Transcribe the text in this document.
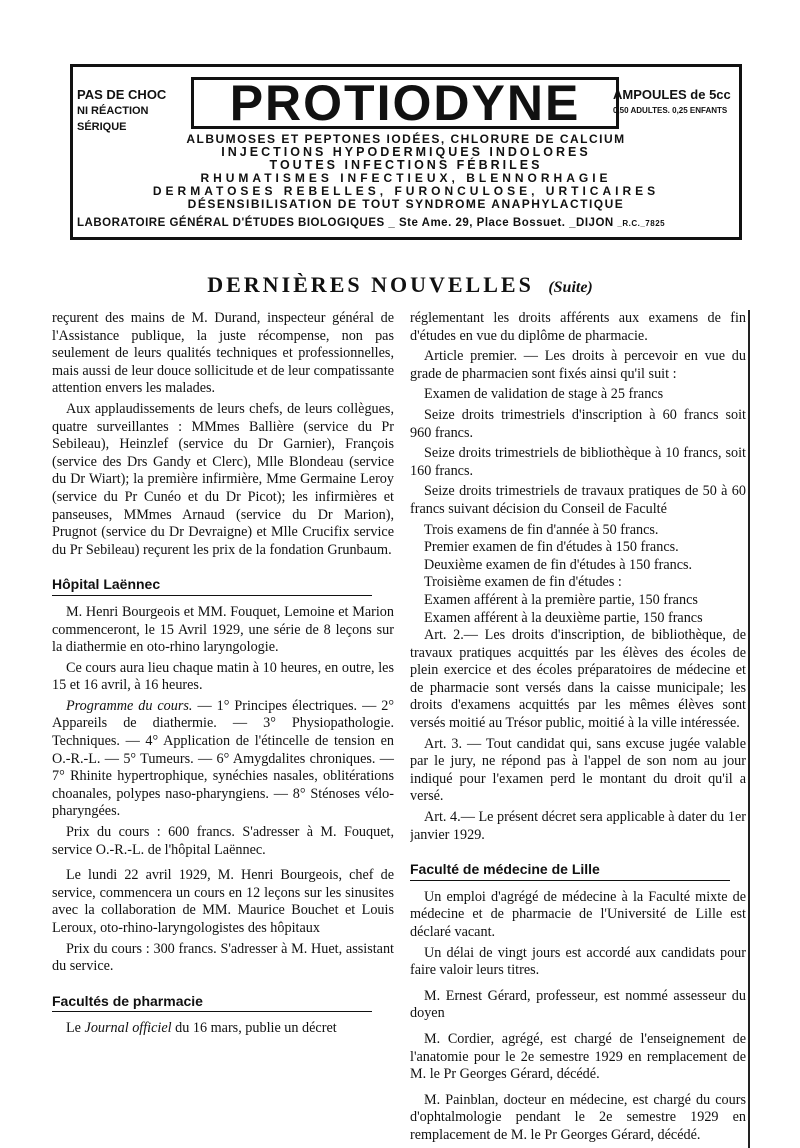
PAS DE CHOC
NI RÉACTION SÉRIQUE	PROTIODYNE	AMPOULES de 5cc
0,50 ADULTES. 0,25 ENFANTS
ALBUMOSES ET PEPTONES IODÉES, CHLORURE DE CALCIUM
INJECTIONS HYPODERMIQUES INDOLORES
TOUTES INFECTIONS FÉBRILES
RHUMATISMES INFECTIEUX, BLENNORHAGIE
DERMATOSES REBELLES, FURONCULOSE, URTICAIRES
DÉSENSIBILISATION DE TOUT SYNDROME ANAPHYLACTIQUE
LABORATOIRE GÉNÉRAL D'ÉTUDES BIOLOGIQUES _ Ste Ame. 29, Place Bossuet. _DIJON _R.C._7825
DERNIÈRES NOUVELLES (Suite)

reçurent des mains de M. Durand, inspecteur général de l'Assistance publique, la juste récompense, non pas seulement de leurs qualités techniques et professionnelles, mais aussi de leur douce sollicitude et de leur compatissante attention envers les malades.

Aux applaudissements de leurs chefs, de leurs collègues, quatre surveillantes : MMmes Ballière (service du Pr Sebileau), Heinzlef (service du Dr Garnier), François (service des Drs Gandy et Clerc), Mlle Blondeau (service du Dr Wiart); la première infirmière, Mme Germaine Leroy (service du Pr Cunéo et du Dr Picot); les infirmières et panseuses, MMmes Arnaud (service du Dr Marion), Prugnot (service du Dr Devraigne) et Mlle Crucifix service du Pr Sebileau) reçurent les prix de la fondation Grunbaum.

Hôpital Laënnec

M. Henri Bourgeois et MM. Fouquet, Lemoine et Marion commenceront, le 15 Avril 1929, une série de 8 leçons sur la diathermie en oto-rhino laryngologie.

Ce cours aura lieu chaque matin à 10 heures, en outre, les 15 et 16 avril, à 16 heures.

Programme du cours. — 1° Principes électriques. — 2° Appareils de diathermie. — 3° Physiopathologie. Techniques. — 4° Application de l'étincelle de tension en O.-R.-L. — 5° Tumeurs. — 6° Amygdalites chroniques. — 7° Rhinite hypertrophique, synéchies nasales, oblitérations choanales, polypes naso-pharyngiens. — 8° Sténoses vélo-pharyngées.

Prix du cours : 600 francs. S'adresser à M. Fouquet, service O.-R.-L. de l'hôpital Laënnec.

Le lundi 22 avril 1929, M. Henri Bourgeois, chef de service, commencera un cours en 12 leçons sur les sinusites avec la collaboration de MM. Maurice Bouchet et Louis Leroux, oto-rhino-laryngologistes des hôpitaux

Prix du cours : 300 francs. S'adresser à M. Huet, assistant du service.

Facultés de pharmacie

Le Journal officiel du 16 mars, publie un décret

réglementant les droits afférents aux examens de fin d'études en vue du diplôme de pharmacie.

Article premier. — Les droits à percevoir en vue du grade de pharmacien sont fixés ainsi qu'il suit :

Examen de validation de stage à 25 francs

Seize droits trimestriels d'inscription à 60 francs soit 960 francs.

Seize droits trimestriels de bibliothèque à 10 francs, soit 160 francs.

Seize droits trimestriels de travaux pratiques de 50 à 60 francs suivant décision du Conseil de Faculté

Trois examens de fin d'année à 50 francs.

Premier examen de fin d'études à 150 francs.

Deuxième examen de fin d'études à 150 francs.

Troisième examen de fin d'études :

Examen afférent à la première partie, 150 francs

Examen afférent à la deuxième partie, 150 francs

Art. 2.— Les droits d'inscription, de bibliothèque, de travaux pratiques acquittés par les élèves des écoles de plein exercice et des écoles préparatoires de médecine et de pharmacie sont versés dans la caisse municipale; les droits d'examens acquittés par les mêmes élèves sont versés moitié au Trésor public, moitié à la ville intéressée.

Art. 3. — Tout candidat qui, sans excuse jugée valable par le jury, ne répond pas à l'appel de son nom au jour indiqué pour l'examen perd le montant du droit qu'il a versé.

Art. 4.— Le présent décret sera applicable à dater du 1er janvier 1929.

Faculté de médecine de Lille

Un emploi d'agrégé de médecine à la Faculté mixte de médecine et de pharmacie de l'Université de Lille est déclaré vacant.

Un délai de vingt jours est accordé aux candidats pour faire valoir leurs titres.

M. Ernest Gérard, professeur, est nommé assesseur du doyen

M. Cordier, agrégé, est chargé de l'enseignement de l'anatomie pour le 2e semestre 1929 en remplacement de M. le Pr Georges Gérard, décédé.

M. Painblan, docteur en médecine, est chargé du cours d'ophtalmologie pendant le 2e semestre 1929 en remplacement de M. le Pr Georges Gérard, décédé.
